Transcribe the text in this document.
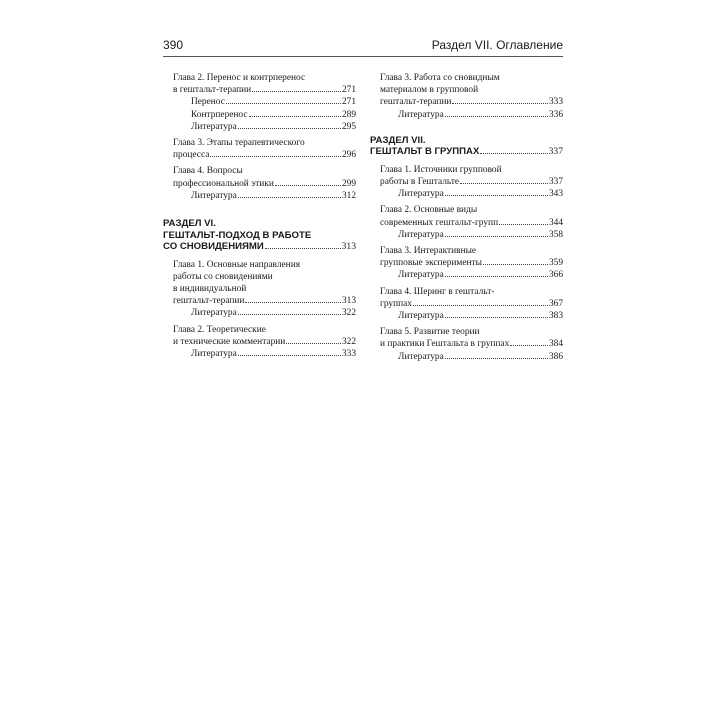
390	Раздел VII. Оглавление
Глава 2. Перенос и контрперенос
в гештальт-терапии	271
Перенос	271
Контрперенос	289
Литература	295
Глава 3. Этапы терапевтического
процесса	296
Глава 4. Вопросы
профессиональной этики	299
Литература	312
РАЗДЕЛ VI.
ГЕШТАЛЬТ-ПОДХОД В РАБОТЕ
СО СНОВИДЕНИЯМИ	313
Глава 1. Основные направления
работы со сновидениями
в индивидуальной
гештальт-терапии	313
Литература	322
Глава 2. Теоретические
и технические комментарии	322
Литература	333
Глава 3. Работа со сновидным
материалом в групповой
гештальт-терапии	333
Литература	336
РАЗДЕЛ VII.
ГЕШТАЛЬТ В ГРУППАХ	337
Глава 1. Источники групповой
работы в Гештальте	337
Литература	343
Глава 2. Основные виды
современных гештальт-групп	344
Литература	358
Глава 3. Интерактивные
групповые эксперименты	359
Литература	366
Глава 4. Шеринг в гештальт-
группах	367
Литература	383
Глава 5. Развитие теории
и практики Гештальта в группах	384
Литература	386
